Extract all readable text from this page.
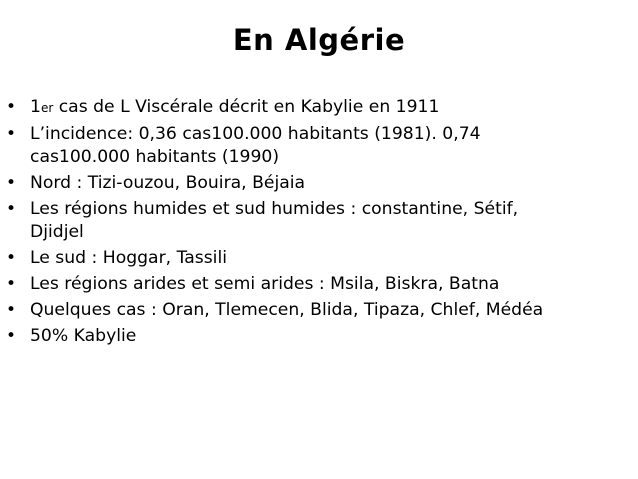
En Algérie
• 1er cas de L Viscérale décrit en Kabylie en 1911
• L’incidence: 0,36 cas100.000 habitants (1981). 0,74
cas100.000 habitants (1990)
• Nord : Tizi-ouzou, Bouira, Béjaia
• Les régions humides et sud humides : constantine, Sétif,
Djidjel
• Le sud : Hoggar, Tassili
• Les régions arides et semi arides : Msila, Biskra, Batna
• Quelques cas : Oran, Tlemecen, Blida, Tipaza, Chlef, Médéa
• 50% Kabylie
